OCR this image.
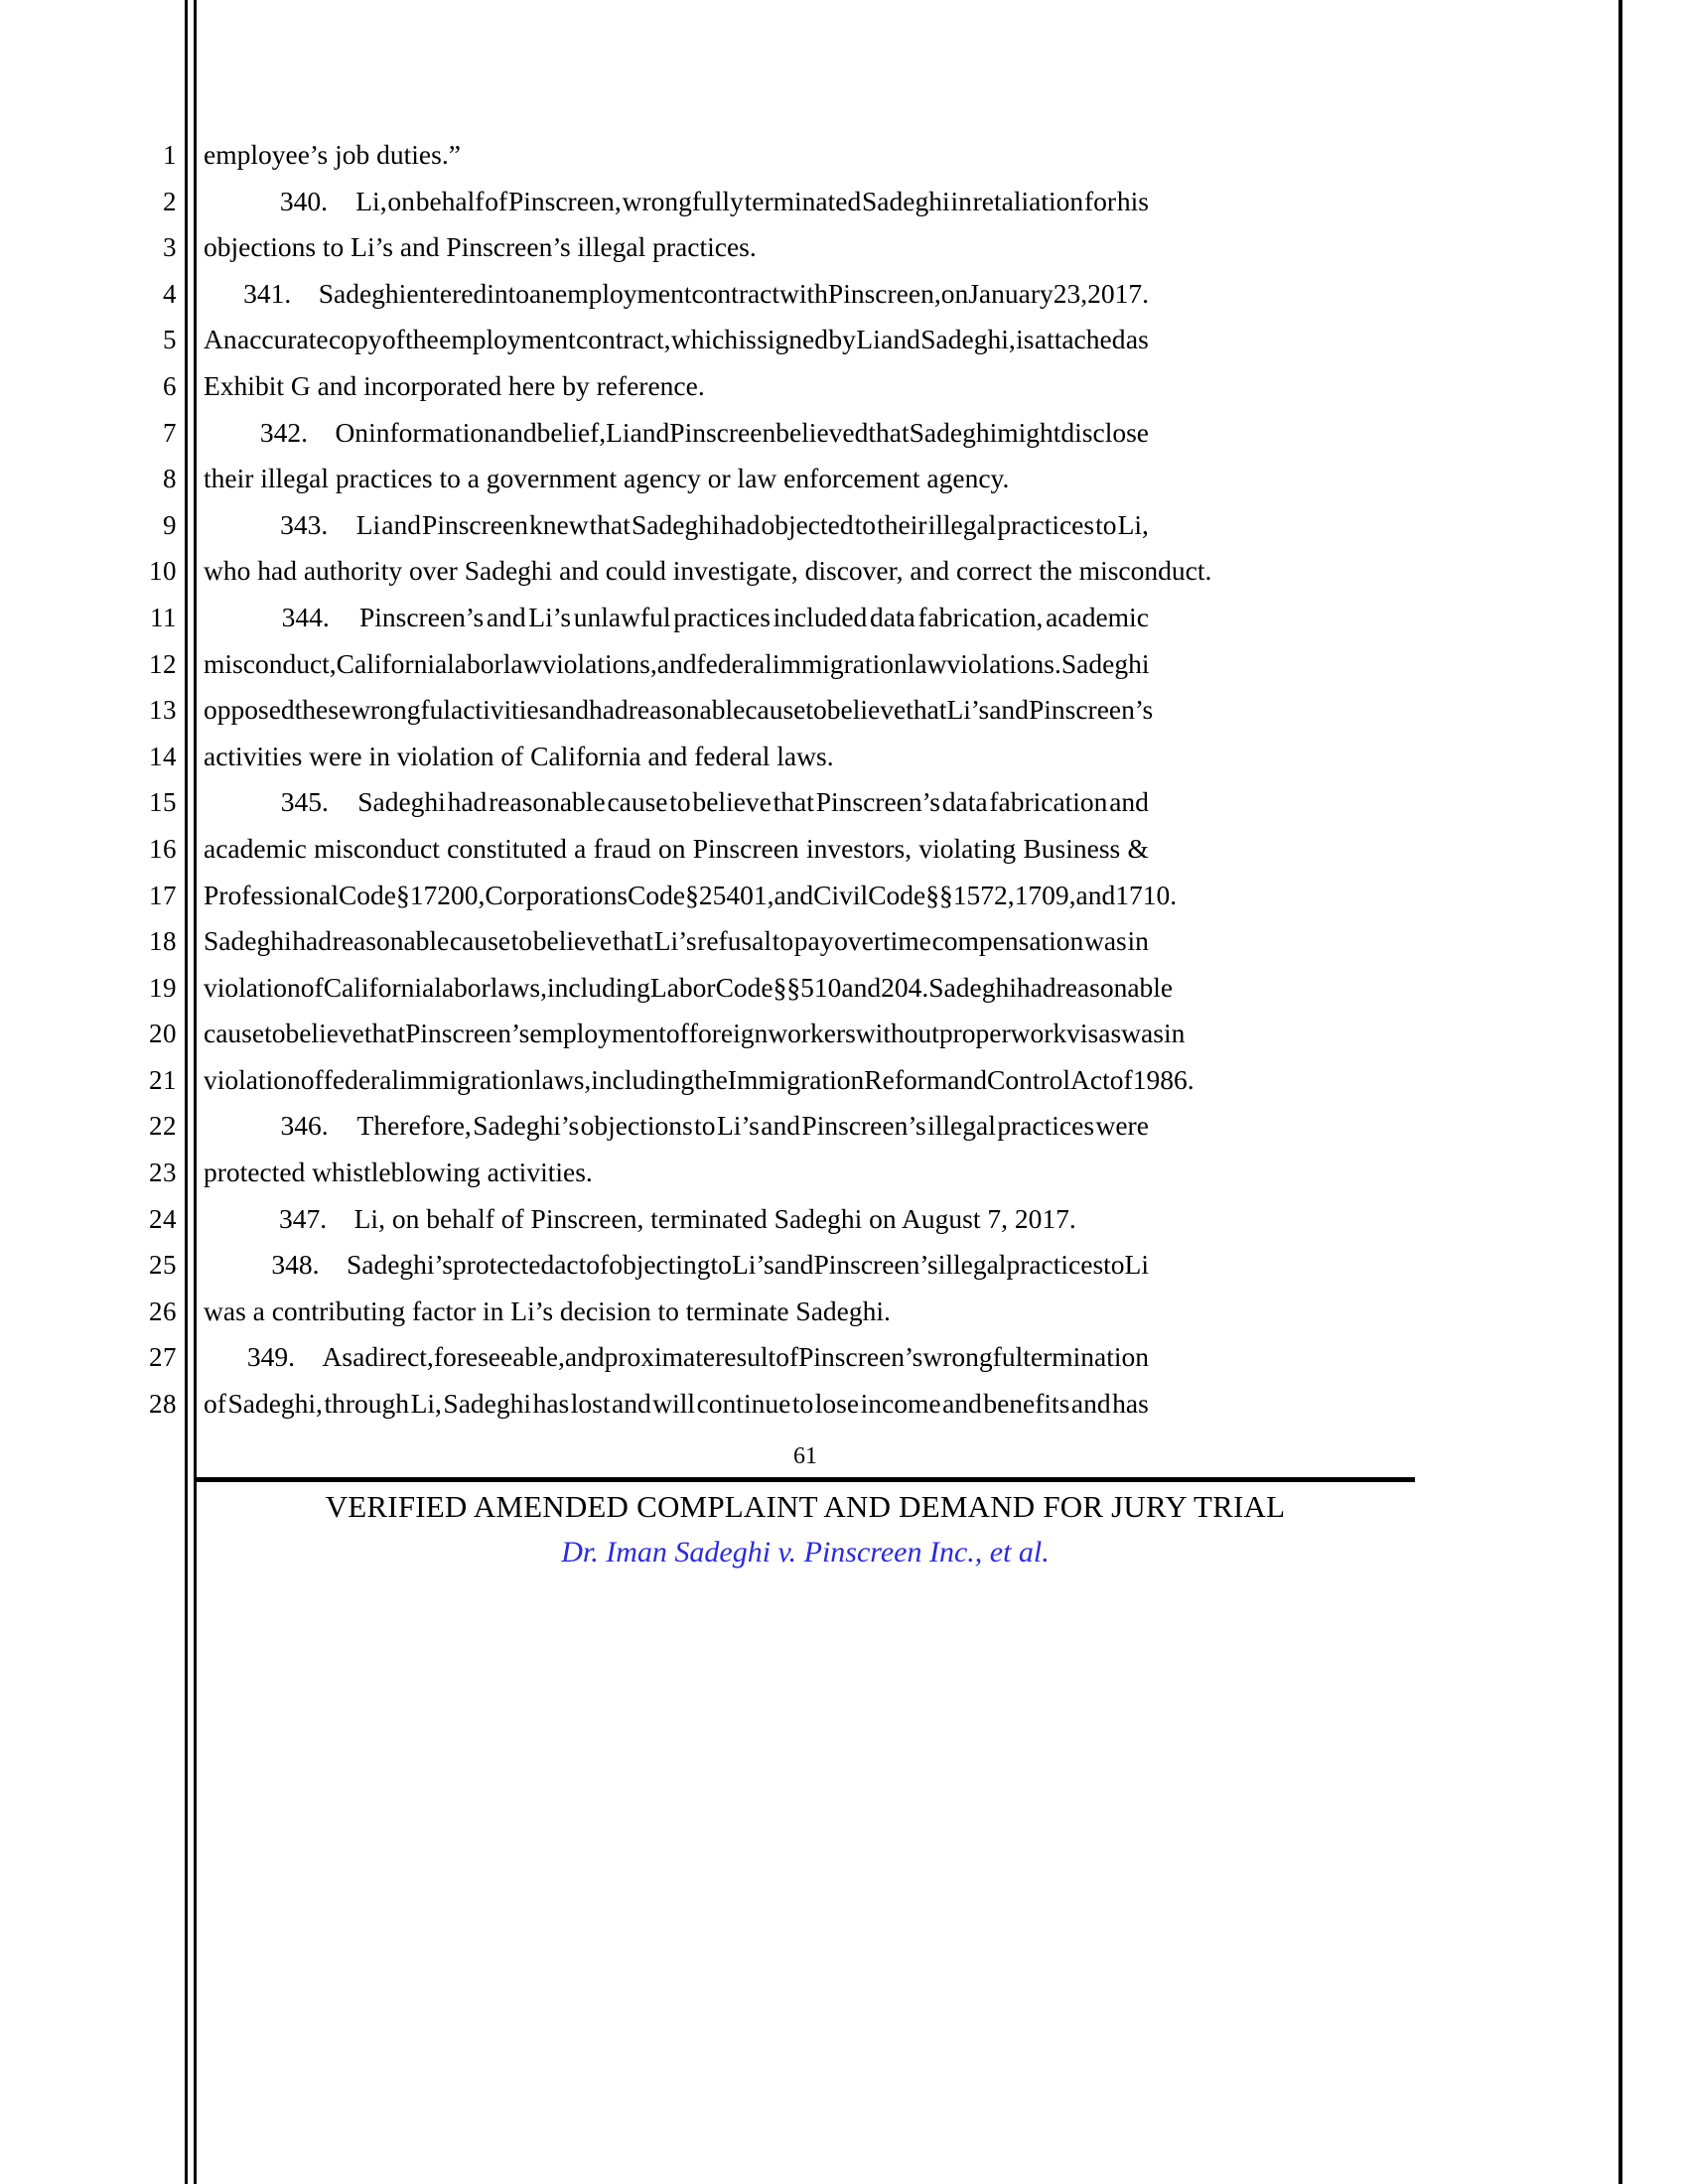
1 employee’s job duties.”
2	340.  Li, on behalf of Pinscreen, wrongfully terminated Sadeghi in retaliation for his
3 objections to Li’s and Pinscreen’s illegal practices.
4 341.  Sadeghi entered into an employment contract with Pinscreen, on January 23, 2017.
5 An accurate copy of the employment contract, which is signed by Li and Sadeghi, is attached as
6 Exhibit G and incorporated here by reference.
7	342.  On information and belief, Li and Pinscreen believed that Sadeghi might disclose
8 their illegal practices to a government agency or law enforcement agency.
9	343.  Li and Pinscreen knew that Sadeghi had objected to their illegal practices to Li,
10 who had authority over Sadeghi and could investigate, discover, and correct the misconduct.
11	344.  Pinscreen’s and Li’s unlawful practices included data fabrication, academic
12 misconduct, California labor law violations, and federal immigration law violations. Sadeghi
13 opposed these wrongful activities and had reasonable cause to believe that Li’s and Pinscreen’s
14 activities were in violation of California and federal laws.
15	345.  Sadeghi had reasonable cause to believe that Pinscreen’s data fabrication and
16 academic misconduct constituted a fraud on Pinscreen investors, violating Business &
17 Professional Code § 17200, Corporations Code § 25401, and Civil Code §§ 1572, 1709, and 1710.
18 Sadeghi had reasonable cause to believe that Li’s refusal to pay overtime compensation was in
19 violation of California labor laws, including Labor Code §§ 510 and 204. Sadeghi had reasonable
20 cause to believe that Pinscreen’s employment of foreign workers without proper work visas was in
21 violation of federal immigration laws, including the Immigration Reform and Control Act of 1986.
22	346.  Therefore, Sadeghi’s objections to Li’s and Pinscreen’s illegal practices were
23 protected whistleblowing activities.
24	347. Li, on behalf of Pinscreen, terminated Sadeghi on August 7, 2017.
25	348.  Sadeghi’s protected act of objecting to Li’s and Pinscreen’s illegal practices to Li
26 was a contributing factor in Li’s decision to terminate Sadeghi.
27	349.  As a direct, foreseeable, and proximate result of Pinscreen’s wrongful termination
28 of Sadeghi, through Li, Sadeghi has lost and will continue to lose income and benefits and has
61
VERIFIED AMENDED COMPLAINT AND DEMAND FOR JURY TRIAL
Dr. Iman Sadeghi v. Pinscreen Inc., et al.
